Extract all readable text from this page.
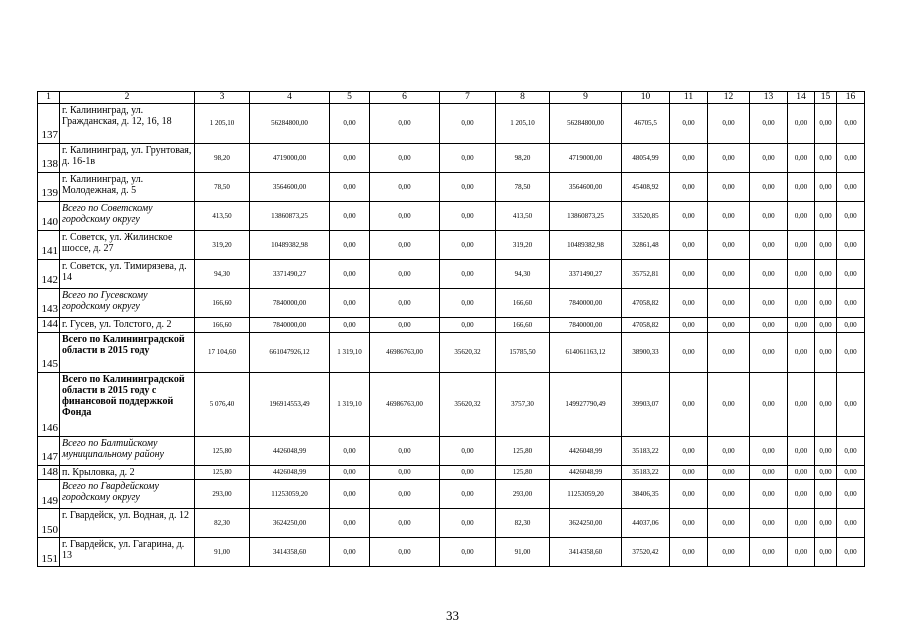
1	2	3	4	5	6	7	8	9	10	11	12	13	14	15	16
137	г. Калининград, ул. Гражданская, д. 12, 16, 18	1 205,10	56284800,00	0,00	0,00	0,00	1 205,10	56284800,00	46705,5	0,00	0,00	0,00	0,00	0,00	0,00
138	г. Калининград, ул. Грунтовая, д. 16-1в	98,20	4719000,00	0,00	0,00	0,00	98,20	4719000,00	48054,99	0,00	0,00	0,00	0,00	0,00	0,00
139	г. Калининград, ул. Молодежная, д. 5	78,50	3564600,00	0,00	0,00	0,00	78,50	3564600,00	45408,92	0,00	0,00	0,00	0,00	0,00	0,00
140	Всего по Советскому городскому округу	413,50	13860873,25	0,00	0,00	0,00	413,50	13860873,25	33520,85	0,00	0,00	0,00	0,00	0,00	0,00
141	г. Советск, ул. Жилинское шоссе, д. 27	319,20	10489382,98	0,00	0,00	0,00	319,20	10489382,98	32861,48	0,00	0,00	0,00	0,00	0,00	0,00
142	г. Советск, ул. Тимирязева, д. 14	94,30	3371490,27	0,00	0,00	0,00	94,30	3371490,27	35752,81	0,00	0,00	0,00	0,00	0,00	0,00
143	Всего по Гусевскому городскому округу	166,60	7840000,00	0,00	0,00	0,00	166,60	7840000,00	47058,82	0,00	0,00	0,00	0,00	0,00	0,00
144	г. Гусев, ул. Толстого, д. 2	166,60	7840000,00	0,00	0,00	0,00	166,60	7840000,00	47058,82	0,00	0,00	0,00	0,00	0,00	0,00
145	Всего по Калининградской области в 2015 году	17 104,60	661047926,12	1 319,10	46986763,00	35620,32	15785,50	614061163,12	38900,33	0,00	0,00	0,00	0,00	0,00	0,00
146	Всего по Калининградской области в 2015 году с финансовой поддержкой Фонда	5 076,40	196914553,49	1 319,10	46986763,00	35620,32	3757,30	149927790,49	39903,07	0,00	0,00	0,00	0,00	0,00	0,00
147	Всего по Балтийскому муниципальному району	125,80	4426048,99	0,00	0,00	0,00	125,80	4426048,99	35183,22	0,00	0,00	0,00	0,00	0,00	0,00
148	п. Крыловка, д. 2	125,80	4426048,99	0,00	0,00	0,00	125,80	4426048,99	35183,22	0,00	0,00	0,00	0,00	0,00	0,00
149	Всего по Гвардейскому городскому округу	293,00	11253059,20	0,00	0,00	0,00	293,00	11253059,20	38406,35	0,00	0,00	0,00	0,00	0,00	0,00
150	г. Гвардейск, ул. Водная, д. 12	82,30	3624250,00	0,00	0,00	0,00	82,30	3624250,00	44037,06	0,00	0,00	0,00	0,00	0,00	0,00
151	г. Гвардейск, ул. Гагарина, д. 13	91,00	3414358,60	0,00	0,00	0,00	91,00	3414358,60	37520,42	0,00	0,00	0,00	0,00	0,00	0,00
33
